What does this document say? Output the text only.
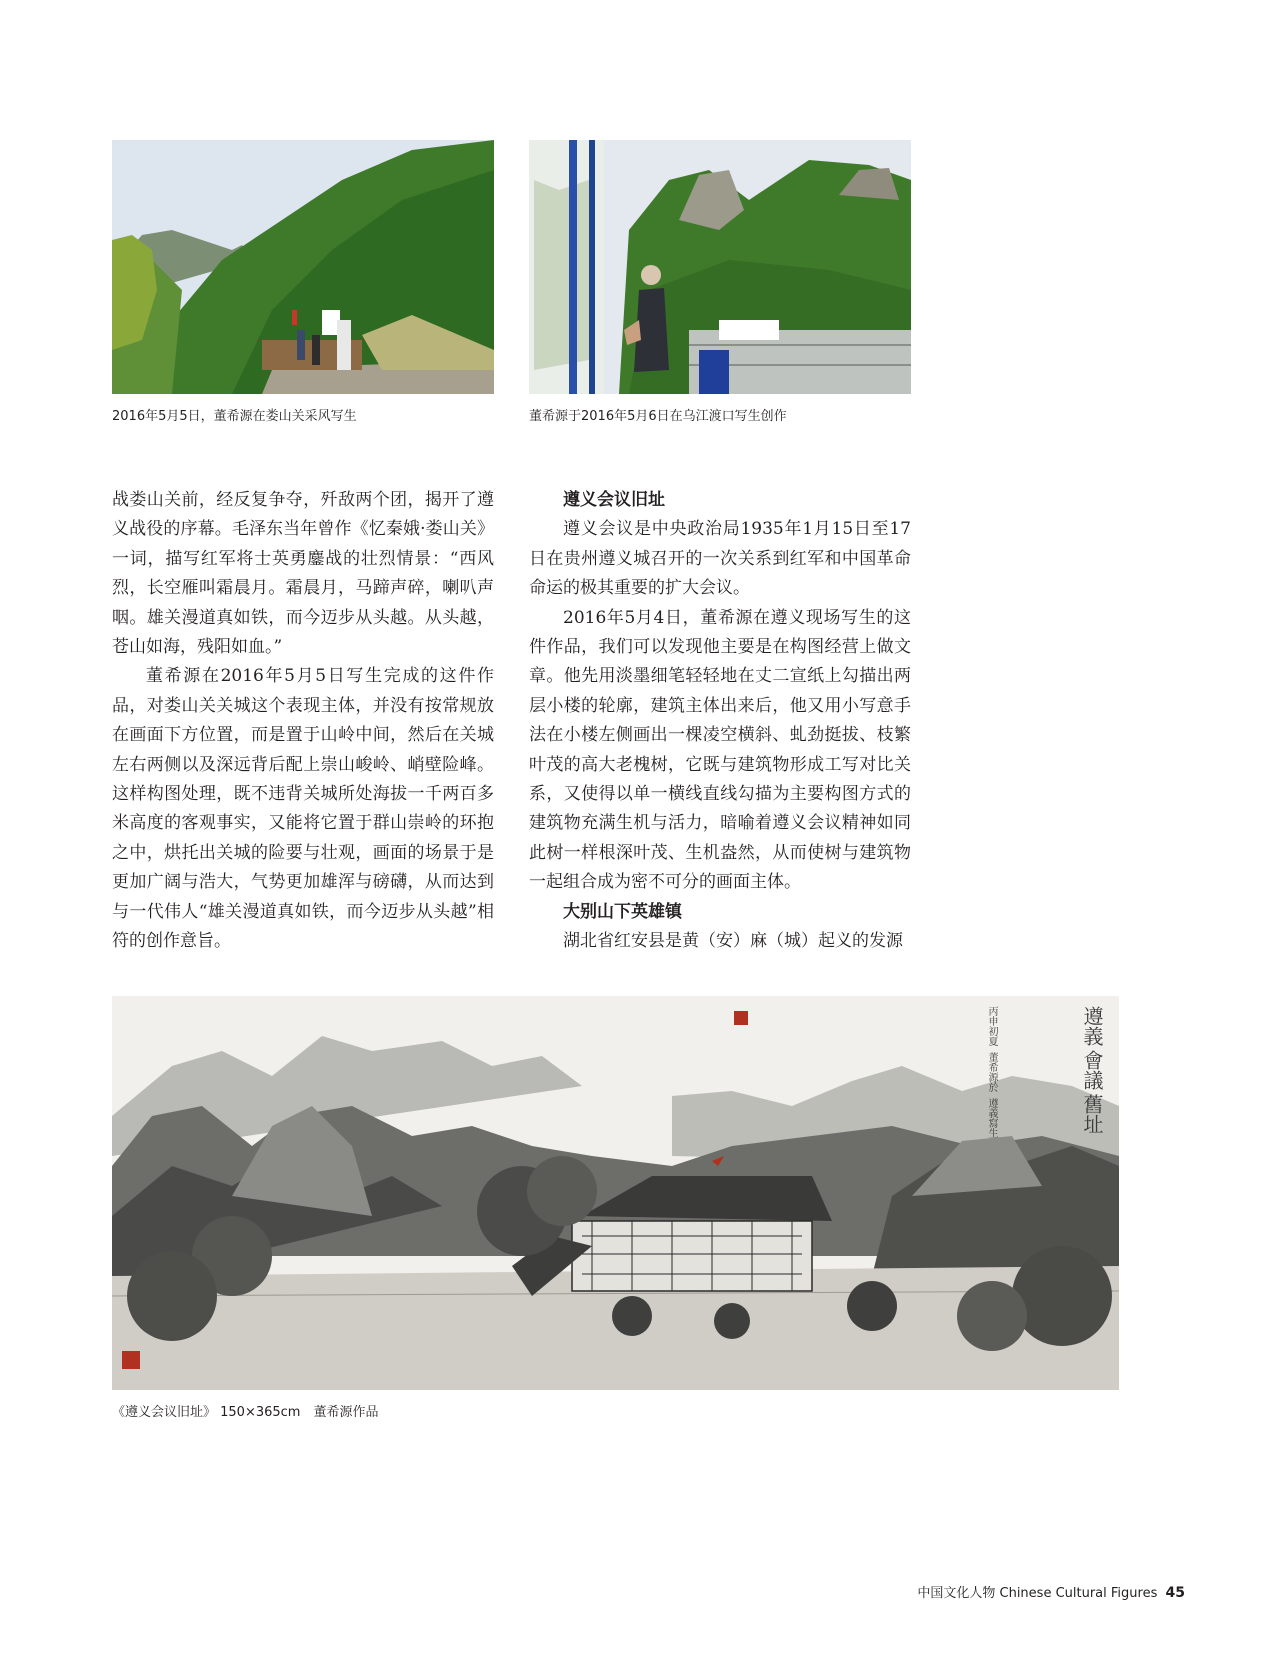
2016年5月5日，董希源在娄山关采风写生	董希源于2016年5月6日在乌江渡口写生创作

战娄山关前，经反复争夺，歼敌两个团，揭开了遵义战役的序幕。毛泽东当年曾作《忆秦娥·娄山关》一词，描写红军将士英勇鏖战的壮烈情景：“西风烈，长空雁叫霜晨月。霜晨月，马蹄声碎，喇叭声咽。雄关漫道真如铁，而今迈步从头越。从头越，苍山如海，残阳如血。”

董希源在2016年5月5日写生完成的这件作品，对娄山关关城这个表现主体，并没有按常规放在画面下方位置，而是置于山岭中间，然后在关城左右两侧以及深远背后配上崇山峻岭、峭壁险峰。这样构图处理，既不违背关城所处海拔一千两百多米高度的客观事实，又能将它置于群山崇岭的环抱之中，烘托出关城的险要与壮观，画面的场景于是更加广阔与浩大，气势更加雄浑与磅礴，从而达到与一代伟人“雄关漫道真如铁，而今迈步从头越”相符的创作意旨。

遵义会议旧址

遵义会议是中央政治局1935年1月15日至17日在贵州遵义城召开的一次关系到红军和中国革命命运的极其重要的扩大会议。

2016年5月4日，董希源在遵义现场写生的这件作品，我们可以发现他主要是在构图经营上做文章。他先用淡墨细笔轻轻地在丈二宣纸上勾描出两层小楼的轮廓，建筑主体出来后，他又用小写意手法在小楼左侧画出一棵凌空横斜、虬劲挺拔、枝繁叶茂的高大老槐树，它既与建筑物形成工写对比关系，又使得以单一横线直线勾描为主要构图方式的建筑物充满生机与活力，暗喻着遵义会议精神如同此树一样根深叶茂、生机盎然，从而使树与建筑物一起组合成为密不可分的画面主体。

大别山下英雄镇

湖北省红安县是黄（安）麻（城）起义的发源

遵義
會議
舊址
丙申初夏
董希源於
遵義寫生
《遵义会议旧址》 150×365cm　董希源作品
中国文化人物 Chinese Cultural Figures 45
